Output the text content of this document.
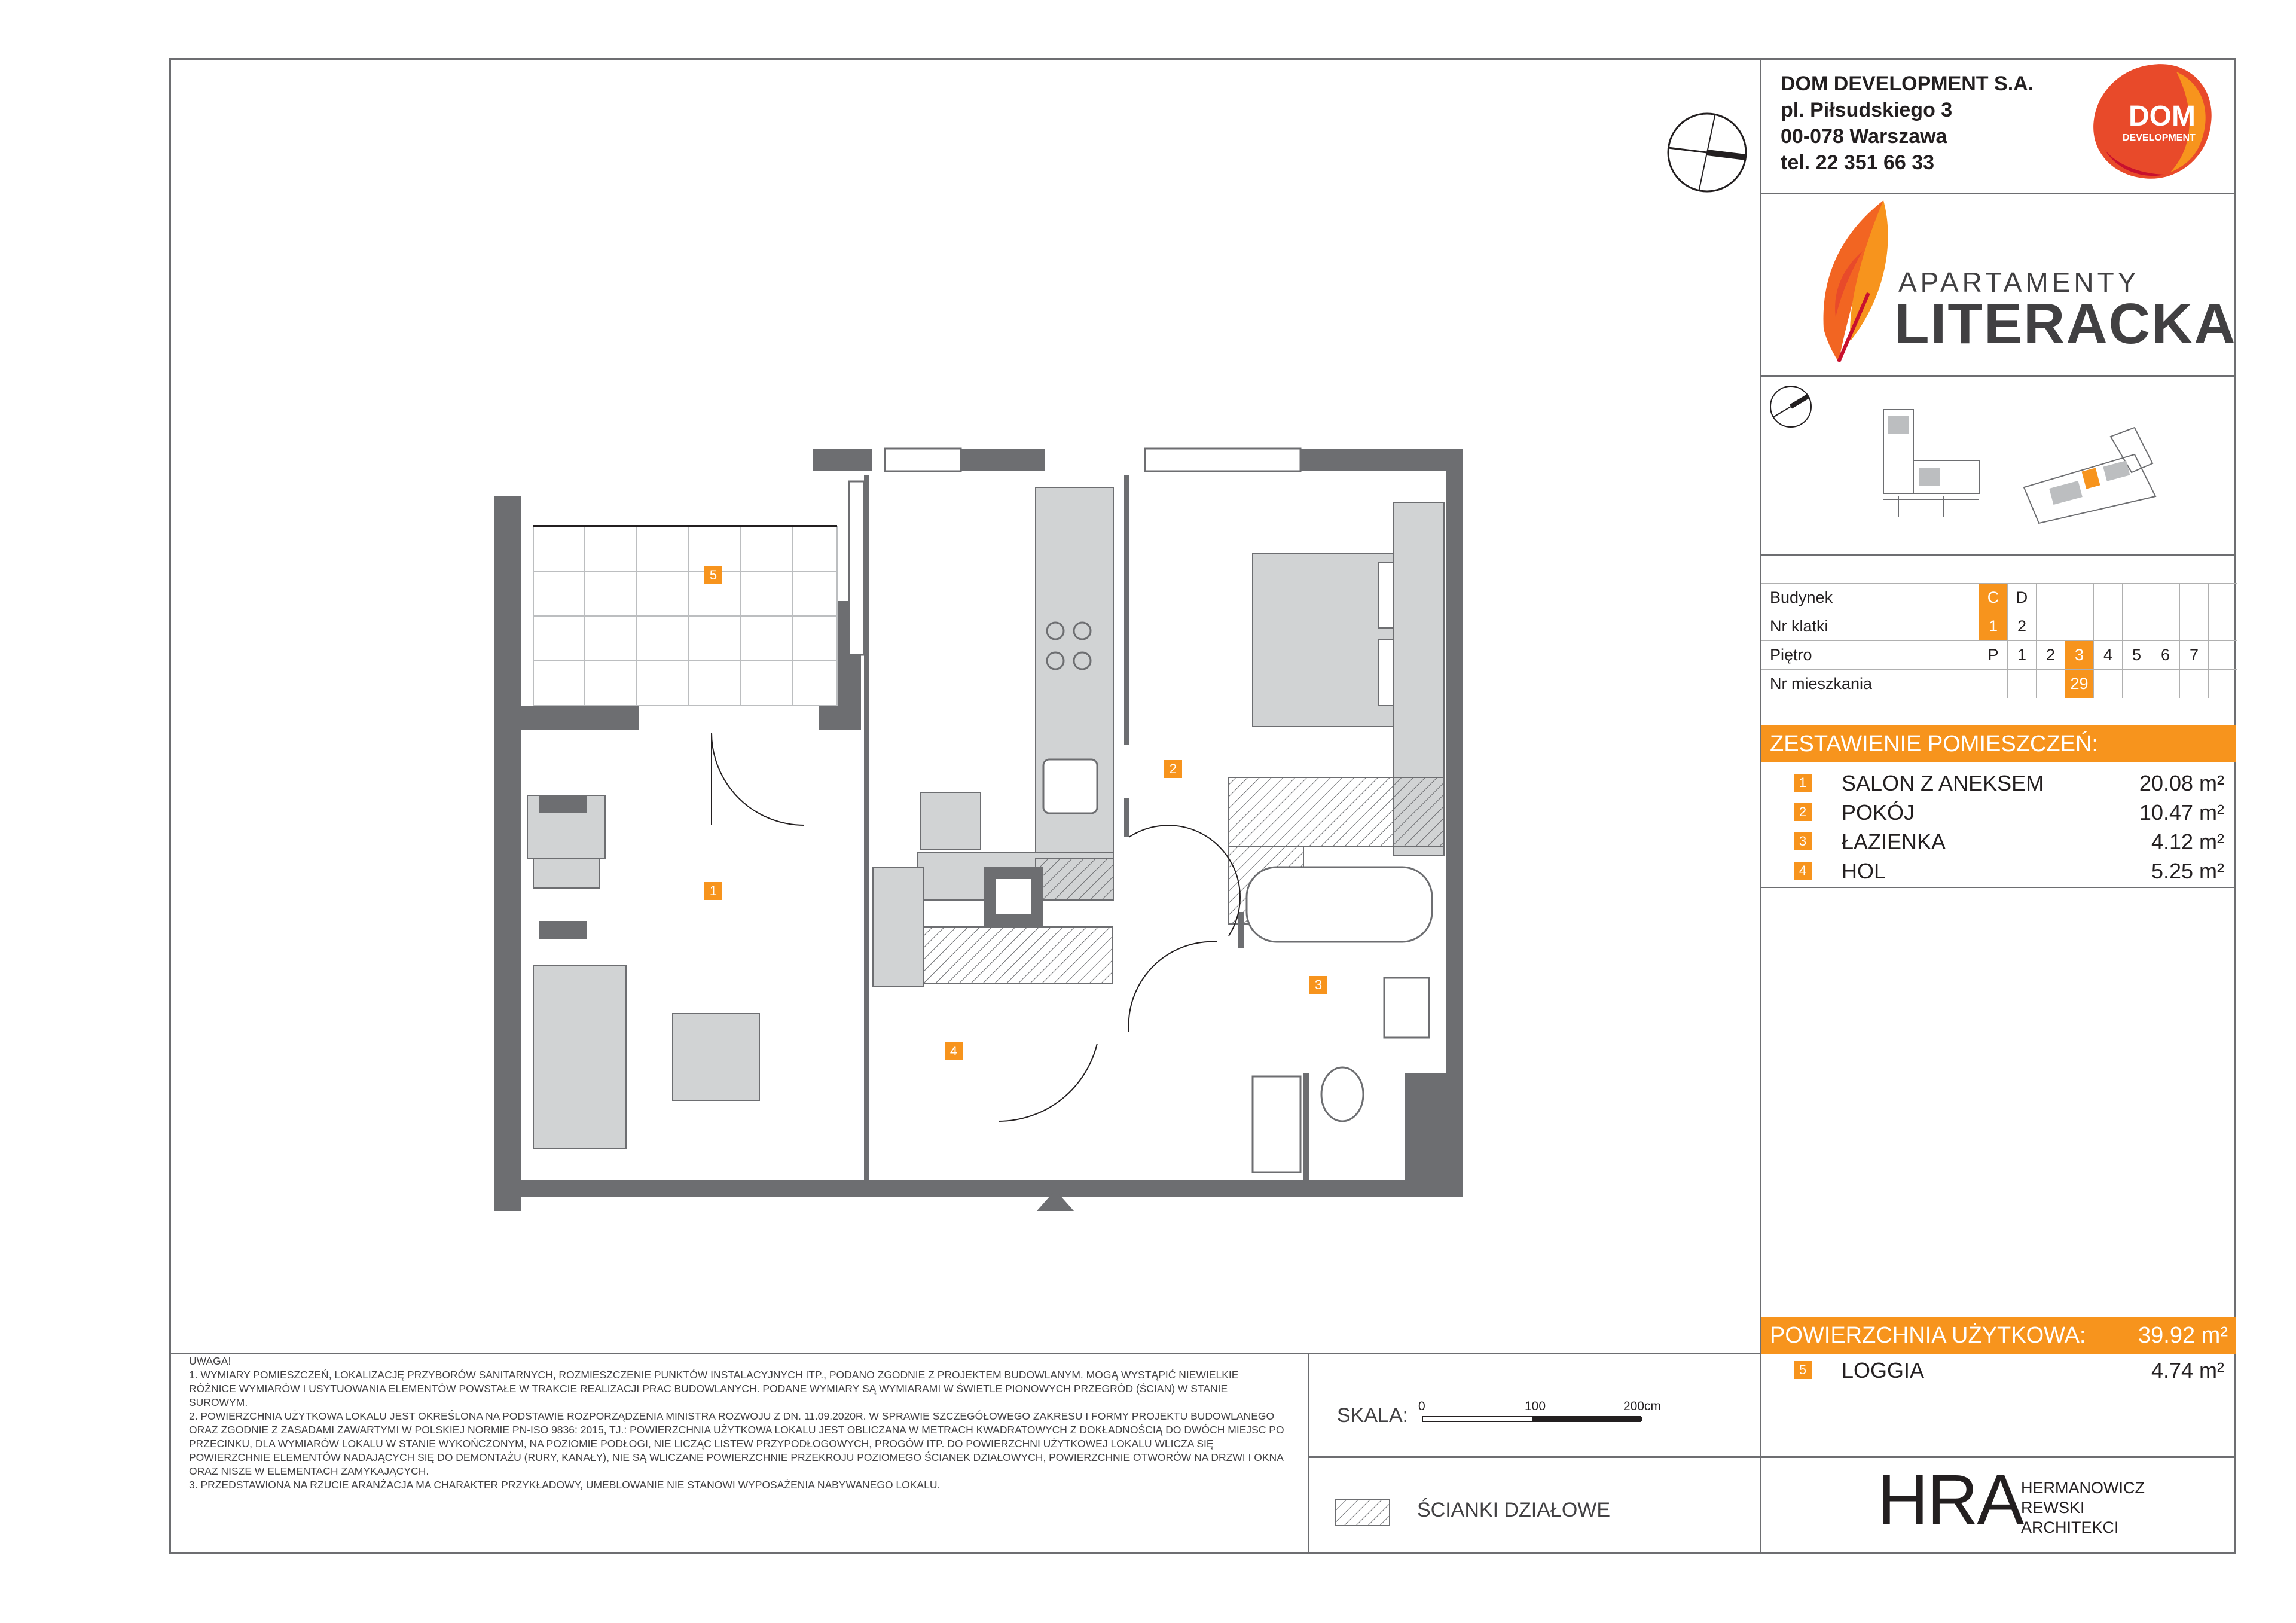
DOM DEVELOPMENT S.A.
pl. Piłsudskiego 3
00-078 Warszawa
tel. 22 351 66 33
DOM
DEVELOPMENT
APARTAMENTY
LITERACKA
Budynek	C	D							
Nr klatki	1	2							
Piętro	P	1	2	3	4	5	6	7	
Nr mieszkania				29					
ZESTAWIENIE POMIESZCZEŃ:
1 SALON Z ANEKSEM	20.08 m²
2 POKÓJ	10.47 m²
3 ŁAZIENKA	4.12 m²
4 HOL	5.25 m²
POWIERZCHNIA UŻYTKOWA: 39.92 m²
5 LOGGIA	4.74 m²
5
2
1
3
4

UWAGA!

1. WYMIARY POMIESZCZEŃ, LOKALIZACJĘ PRZYBORÓW SANITARNYCH, ROZMIESZCZENIE PUNKTÓW INSTALACYJNYCH ITP., PODANO ZGODNIE Z PROJEKTEM BUDOWLANYM. MOGĄ WYSTĄPIĆ NIEWIELKIE RÓŻNICE WYMIARÓW I USYTUOWANIA ELEMENTÓW POWSTAŁE W TRAKCIE REALIZACJI PRAC BUDOWLANYCH. PODANE WYMIARY SĄ WYMIARAMI W ŚWIETLE PIONOWYCH PRZEGRÓD (ŚCIAN) W STANIE SUROWYM.

2. POWIERZCHNIA UŻYTKOWA LOKALU JEST OKREŚLONA NA PODSTAWIE ROZPORZĄDZENIA MINISTRA ROZWOJU Z DN. 11.09.2020R. W SPRAWIE SZCZEGÓŁOWEGO ZAKRESU I FORMY PROJEKTU BUDOWLANEGO ORAZ ZGODNIE Z ZASADAMI ZAWARTYMI W POLSKIEJ NORMIE PN-ISO 9836: 2015, TJ.: POWIERZCHNIA UŻYTKOWA LOKALU JEST OBLICZANA W METRACH KWADRATOWYCH Z DOKŁADNOŚCIĄ DO DWÓCH MIEJSC PO PRZECINKU, DLA WYMIARÓW LOKALU W STANIE WYKOŃCZONYM, NA POZIOMIE PODŁOGI, NIE LICZĄC LISTEW PRZYPODŁOGOWYCH, PROGÓW ITP. DO POWIERZCHNI UŻYTKOWEJ LOKALU WLICZA SIĘ POWIERZCHNIE ELEMENTÓW NADAJĄCYCH SIĘ DO DEMONTAŻU (RURY, KANAŁY), NIE SĄ WLICZANE POWIERZCHNIE PRZEKROJU POZIOMEGO ŚCIANEK DZIAŁOWYCH, POWIERZCHNIE OTWORÓW NA DRZWI I OKNA ORAZ NISZE W ELEMENTACH ZAMYKAJĄCYCH.

3. PRZEDSTAWIONA NA RZUCIE ARANŻACJA MA CHARAKTER PRZYKŁADOWY, UMEBLOWANIE NIE STANOWI WYPOSAŻENIA NABYWANEGO LOKALU.

SKALA: 0	100	200cm
ŚCIANKI DZIAŁOWE	HRA
HERMANOWICZ
REWSKI
ARCHITEKCI
